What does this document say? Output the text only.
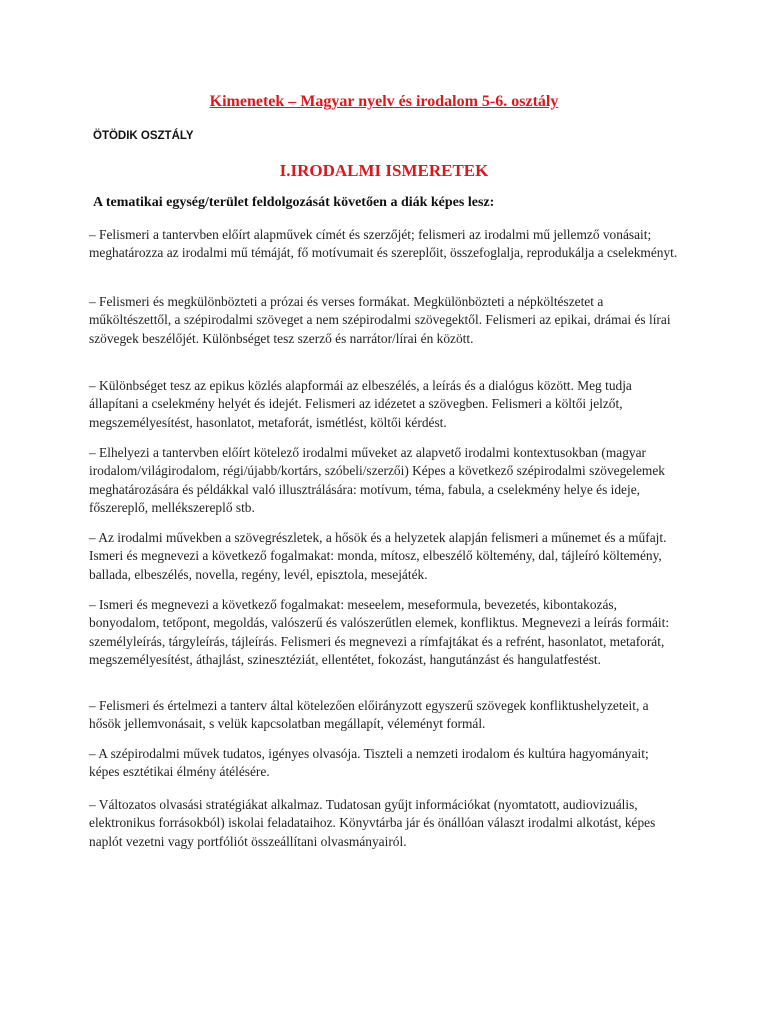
Kimenetek – Magyar nyelv és irodalom 5-6. osztály
ÖTÖDIK OSZTÁLY
I.IRODALMI ISMERETEK

A tematikai egység/terület feldolgozását követően a diák képes lesz:

– Felismeri a tantervben előírt alapművek címét és szerzőjét; felismeri az irodalmi mű jellemző vonásait; meghatározza az irodalmi mű témáját, fő motívumait és szereplőit, összefoglalja, reprodukálja a cselekményt.

– Felismeri és megkülönbözteti a prózai és verses formákat. Megkülönbözteti a népköltészetet a műköltészettől, a szépirodalmi szöveget a nem szépirodalmi szövegektől. Felismeri az epikai, drámai és lírai szövegek beszélőjét. Különbséget tesz szerző és narrátor/lírai én között.

– Különbséget tesz az epikus közlés alapformái az elbeszélés, a leírás és a dialógus között. Meg tudja állapítani a cselekmény helyét és idejét. Felismeri az idézetet a szövegben. Felismeri a költői jelzőt, megszemélyesítést, hasonlatot, metaforát, ismétlést, költői kérdést.

– Elhelyezi a tantervben előírt kötelező irodalmi műveket az alapvető irodalmi kontextusokban (magyar irodalom/világirodalom, régi/újabb/kortárs, szóbeli/szerzői) Képes a következő szépirodalmi szövegelemek meghatározására és példákkal való illusztrálására: motívum, téma, fabula, a cselekmény helye és ideje, főszereplő, mellékszereplő stb.

– Az irodalmi művekben a szövegrészletek, a hősök és a helyzetek alapján felismeri a műnemet és a műfajt. Ismeri és megnevezi a következő fogalmakat: monda, mítosz, elbeszélő költemény, dal, tájleíró költemény, ballada, elbeszélés, novella, regény, levél, episztola, mesejáték.

– Ismeri és megnevezi a következő fogalmakat: meseelem, meseformula, bevezetés, kibontakozás, bonyodalom, tetőpont, megoldás, valószerű és valószerűtlen elemek, konfliktus. Megnevezi a leírás formáit: személyleírás, tárgyleírás, tájleírás. Felismeri és megnevezi a rímfajtákat és a refrént, hasonlatot, metaforát, megszemélyesítést, áthajlást, szinesztéziát, ellentétet, fokozást, hangutánzást és hangulatfestést.

– Felismeri és értelmezi a tanterv által kötelezően előirányzott egyszerű szövegek konfliktushelyzeteit, a hősök jellemvonásait, s velük kapcsolatban megállapít, véleményt formál.

– A szépirodalmi művek tudatos, igényes olvasója. Tiszteli a nemzeti irodalom és kultúra hagyományait; képes esztétikai élmény átélésére.

– Változatos olvasási stratégiákat alkalmaz. Tudatosan gyűjt információkat (nyomtatott, audiovizuális, elektronikus forrásokból) iskolai feladataihoz. Könyvtárba jár és önállóan választ irodalmi alkotást, képes naplót vezetni vagy portfóliót összeállítani olvasmányairól.
